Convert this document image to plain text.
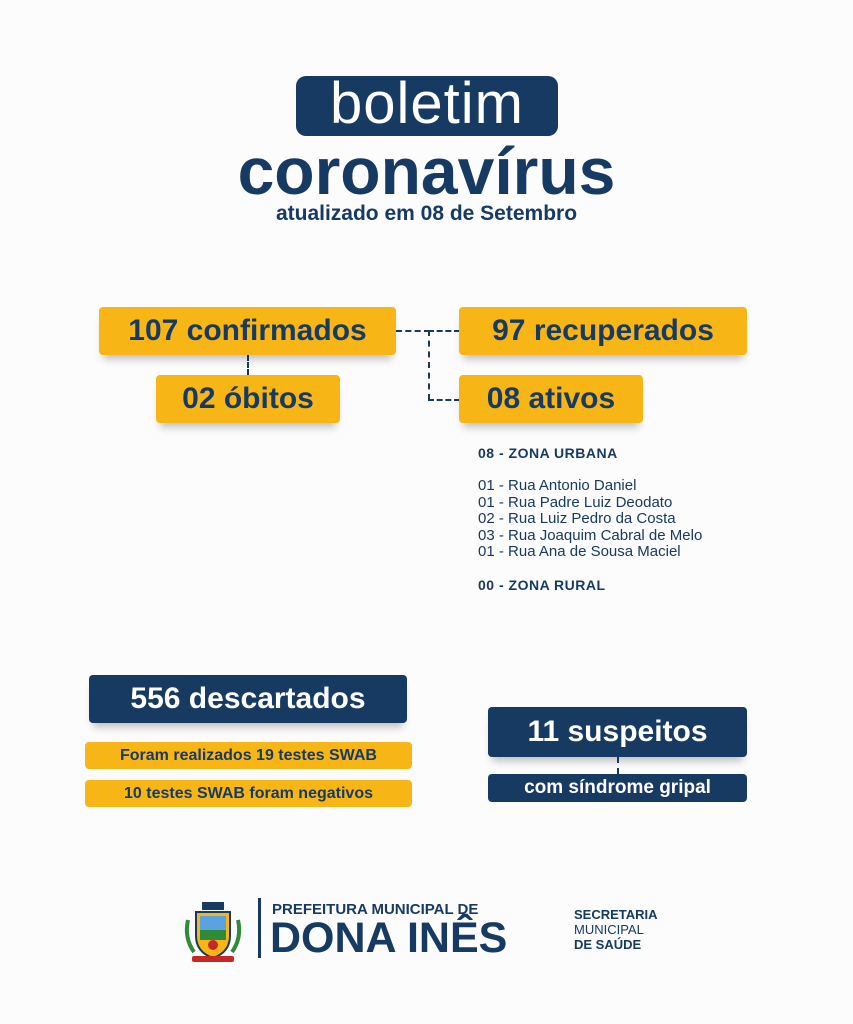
boletim
coronavírus
atualizado em 08 de Setembro
107 confirmados
02 óbitos
97 recuperados
08 ativos
08 - ZONA URBANA
01 - Rua Antonio Daniel
01 - Rua Padre Luiz Deodato
02 - Rua Luiz Pedro da Costa
03 - Rua Joaquim Cabral de Melo
01 - Rua Ana de Sousa Maciel
00 - ZONA RURAL
556 descartados
Foram realizados 19 testes SWAB
10 testes SWAB foram negativos
11 suspeitos
com síndrome gripal
PREFEITURA MUNICIPAL DE
DONA INÊS	SECRETARIA
MUNICIPAL
DE SAÚDE
